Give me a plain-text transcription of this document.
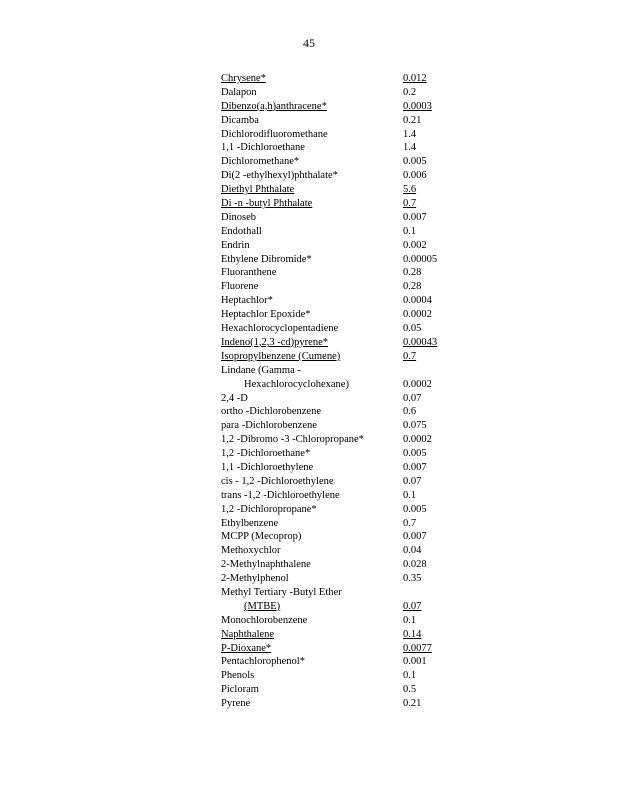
45
Chrysene*	0.012
Dalapon	0.2
Dibenzo(a,h)anthracene*	0.0003
Dicamba	0.21
Dichlorodifluoromethane	1.4
1,1 -Dichloroethane	1.4
Dichloromethane*	0.005
Di(2 -ethylhexyl)phthalate*	0.006
Diethyl Phthalate	5.6
Di -n -butyl Phthalate	0.7
Dinoseb	0.007
Endothall	0.1
Endrin	0.002
Ethylene Dibromide*	0.00005
Fluoranthene	0.28
Fluorene	0.28
Heptachlor*	0.0004
Heptachlor Epoxide*	0.0002
Hexachlorocyclopentadiene	0.05
Indeno(1,2,3 -cd)pyrene*	0.00043
Isopropylbenzene (Cumene)	0.7
Lindane (Gamma -
Hexachlorocyclohexane)	0.0002
2,4 -D	0.07
ortho -Dichlorobenzene	0.6
para -Dichlorobenzene	0.075
1,2 -Dibromo -3 -Chloropropane*	0.0002
1,2 -Dichloroethane*	0.005
1,1 -Dichloroethylene	0.007
cis - 1,2 -Dichloroethylene	0.07
trans -1,2 -Dichloroethylene	0.1
1,2 -Dichloropropane*	0.005
Ethylbenzene	0.7
MCPP (Mecoprop)	0.007
Methoxychlor	0.04
2-Methylnaphthalene	0.028
2-Methylphenol	0.35
Methyl Tertiary -Butyl Ether
(MTBE)	0.07
Monochlorobenzene	0.1
Naphthalene	0.14
P-Dioxane*	0.0077
Pentachlorophenol*	0.001
Phenols	0.1
Picloram	0.5
Pyrene	0.21
